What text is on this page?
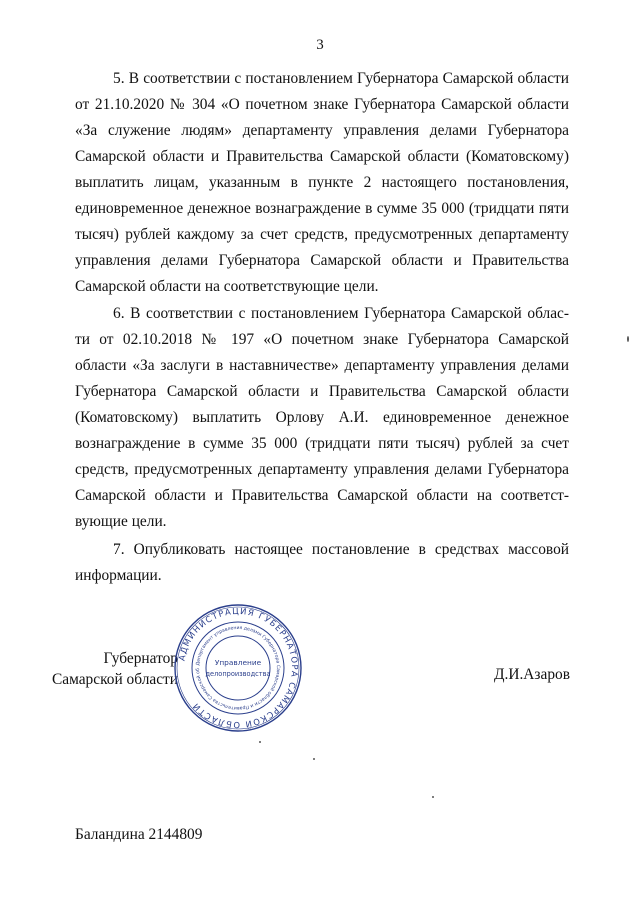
3

5. В соответствии с постановлением Губернатора Самарской области от 21.10.2020 № 304 «О почетном знаке Губернатора Самарской области «За служение людям» департаменту управления делами Губернатора Самарской области и Правительства Самарской области (Коматовскому) выплатить лицам, указанным в пункте 2 настоящего постановления, единовременное денежное вознаграждение в сумме 35 000 (тридцати пяти тысяч) рублей каждому за счет средств, предусмотренных департаменту управления делами Губернатора Самарской области и Правительства Самарской области на соответствующие цели.

6. В соответствии с постановлением Губернатора Самарской облас-ти от 02.10.2018 № 197 «О почетном знаке Губернатора Самарской области «За заслуги в наставничестве» департаменту управления делами Губернатора Самарской области и Правительства Самарской области (Коматовскому) выплатить Орлову А.И. единовременное денежное вознаграждение в сумме 35 000 (тридцати пяти тысяч) рублей за счет средств, предусмотренных департаменту управления делами Губернатора Самарской области и Правительства Самарской области на соответст-вующие цели.

7. Опубликовать настоящее постановление в средствах массовой информации.

Губернатор
Самарской области
АДМИНИСТРАЦИЯ ГУБЕРНАТОРА САМАРСКОЙ ОБЛАСТИ
Департамент управления делами Губернатора Самарской области и Правительства Самарской об
Управление
делопроизводства	Д.И.Азаров
Баландина 2144809
